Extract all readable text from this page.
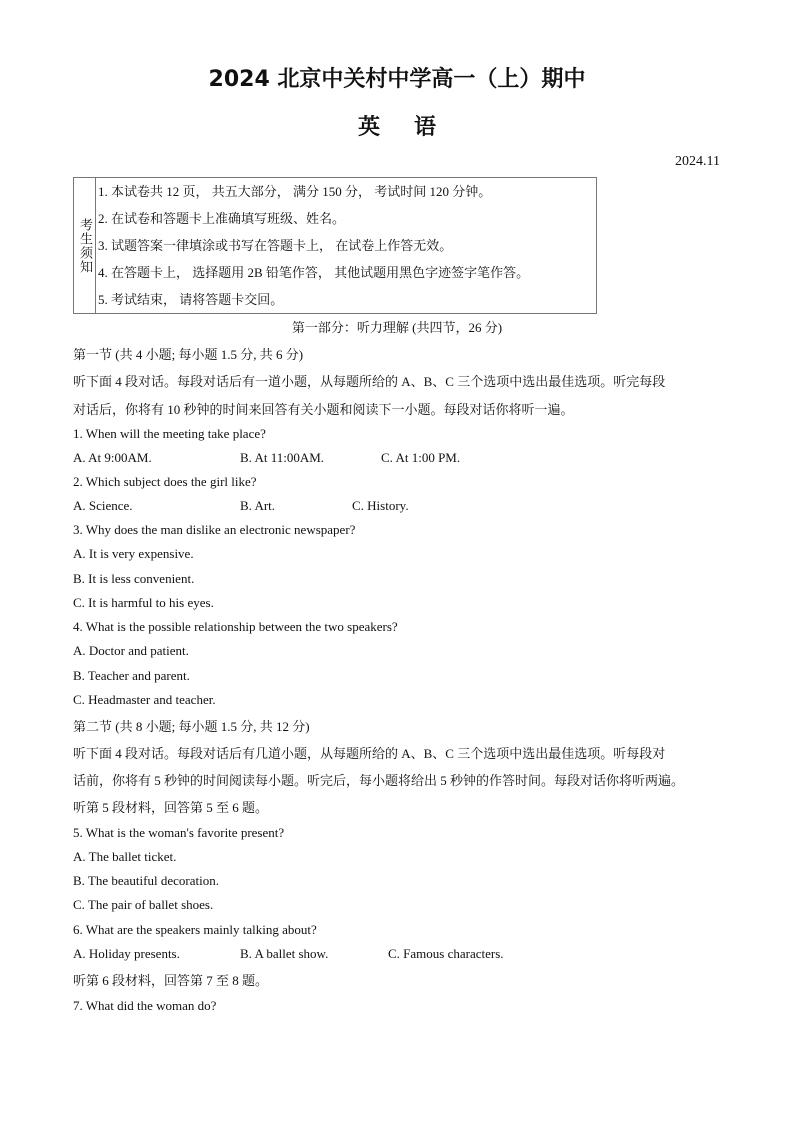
2024 北京中关村中学高一（上）期中
英语
2024.11
考生须知
1. 本试卷共 12 页， 共五大部分， 满分 150 分， 考试时间 120 分钟。
2. 在试卷和答题卡上准确填写班级、姓名。
3. 试题答案一律填涂或书写在答题卡上， 在试卷上作答无效。
4. 在答题卡上， 选择题用 2B 铅笔作答， 其他试题用黑色字迹签字笔作答。
5. 考试结束， 请将答题卡交回。
第一部分：听力理解 (共四节，26 分)
第一节 (共 4 小题; 每小题 1.5 分, 共 6 分)
听下面 4 段对话。每段对话后有一道小题，从每题所给的 A、B、C 三个选项中选出最佳选项。听完每段
对话后，你将有 10 秒钟的时间来回答有关小题和阅读下一小题。每段对话你将听一遍。
1. When will the meeting take place?
A. At 9:00AM.	B. At 11:00AM.	C. At 1:00 PM.
2. Which subject does the girl like?
A. Science.	B. Art.	C. History.
3. Why does the man dislike an electronic newspaper?
A. It is very expensive.
B. It is less convenient.
C. It is harmful to his eyes.
4. What is the possible relationship between the two speakers?
A. Doctor and patient.
B. Teacher and parent.
C. Headmaster and teacher.
第二节 (共 8 小题; 每小题 1.5 分, 共 12 分)
听下面 4 段对话。每段对话后有几道小题，从每题所给的 A、B、C 三个选项中选出最佳选项。听每段对
话前，你将有 5 秒钟的时间阅读每小题。听完后，每小题将给出 5 秒钟的作答时间。每段对话你将听两遍。
听第 5 段材料，回答第 5 至 6 题。
5. What is the woman's favorite present?
A. The ballet ticket.
B. The beautiful decoration.
C. The pair of ballet shoes.
6. What are the speakers mainly talking about?
A. Holiday presents.	B. A ballet show.	C. Famous characters.
听第 6 段材料，回答第 7 至 8 题。
7. What did the woman do?
